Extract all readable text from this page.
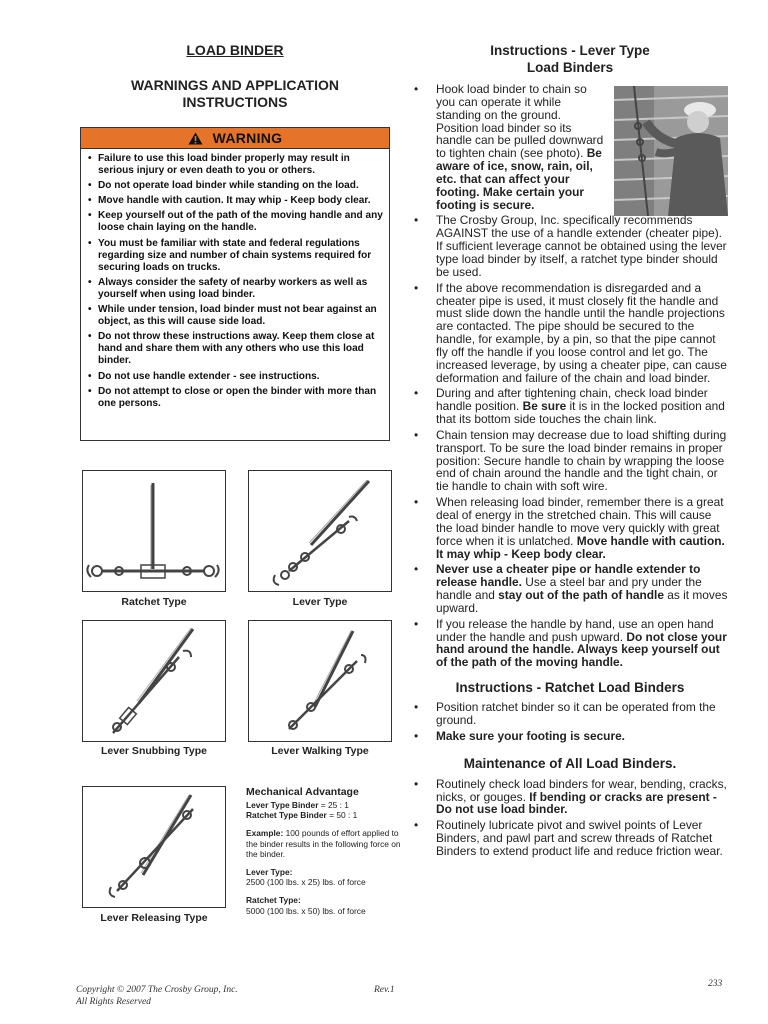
LOAD BINDER
WARNINGS AND APPLICATION
INSTRUCTIONS
WARNING
• Failure to use this load binder properly may result in serious injury or even death to you or others.
• Do not operate load binder while standing on the load.
• Move handle with caution. It may whip - Keep body clear.
• Keep yourself out of the path of the moving handle and any loose chain laying on the handle.
• You must be familiar with state and federal regulations regarding size and number of chain systems required for securing loads on trucks.
• Always consider the safety of nearby workers as well as yourself when using load binder.
• While under tension, load binder must not bear against an object, as this will cause side load.
• Do not throw these instructions away. Keep them close at hand and share them with any others who use this load binder.
• Do not use handle extender - see instructions.
• Do not attempt to close or open the binder with more than one persons.
Ratchet Type	Lever Type
Lever Snubbing Type	Lever Walking Type
Lever Releasing Type
Mechanical Advantage

Lever Type Binder = 25 : 1

Ratchet Type Binder = 50 : 1

Example: 100 pounds of effort applied to the binder results in the following force on the binder.

Lever Type:

2500 (100 lbs. x 25) lbs. of force

Ratchet Type:

5000 (100 lbs. x 50) lbs. of force

Instructions - Lever Type
Load Binders
• Hook load binder to chain so you can operate it while standing on the ground. Position load binder so its handle can be pulled downward to tighten chain (see photo). Be aware of ice, snow, rain, oil, etc. that can affect your footing. Make certain your footing is secure.
• The Crosby Group, Inc. specifically recommends AGAINST the use of a handle extender (cheater pipe). If sufficient leverage cannot be obtained using the lever type load binder by itself, a ratchet type binder should be used.
• If the above recommendation is disregarded and a cheater pipe is used, it must closely fit the handle and must slide down the handle until the handle projections are contacted. The pipe should be secured to the handle, for example, by a pin, so that the pipe cannot fly off the handle if you loose control and let go. The increased leverage, by using a cheater pipe, can cause deformation and failure of the chain and load binder.
• During and after tightening chain, check load binder handle position. Be sure it is in the locked position and that its bottom side touches the chain link.
• Chain tension may decrease due to load shifting during transport. To be sure the load binder remains in proper position: Secure handle to chain by wrapping the loose end of chain around the handle and the tight chain, or tie handle to chain with soft wire.
• When releasing load binder, remember there is a great deal of energy in the stretched chain. This will cause the load binder handle to move very quickly with great force when it is unlatched. Move handle with caution. It may whip - Keep body clear.
• Never use a cheater pipe or handle extender to release handle. Use a steel bar and pry under the handle and stay out of the path of handle as it moves upward.
• If you release the handle by hand, use an open hand under the handle and push upward. Do not close your hand around the handle. Always keep yourself out of the path of the moving handle.
Instructions - Ratchet Load Binders
• Position ratchet binder so it can be operated from the ground.
• Make sure your footing is secure.
Maintenance of All Load Binders.
• Routinely check load binders for wear, bending, cracks, nicks, or gouges. If bending or cracks are present - Do not use load binder.
• Routinely lubricate pivot and swivel points of Lever Binders, and pawl part and screw threads of Ratchet Binders to extend product life and reduce friction wear.
Copyright © 2007 The Crosby Group, Inc.
All Rights Reserved
Rev.1
233
